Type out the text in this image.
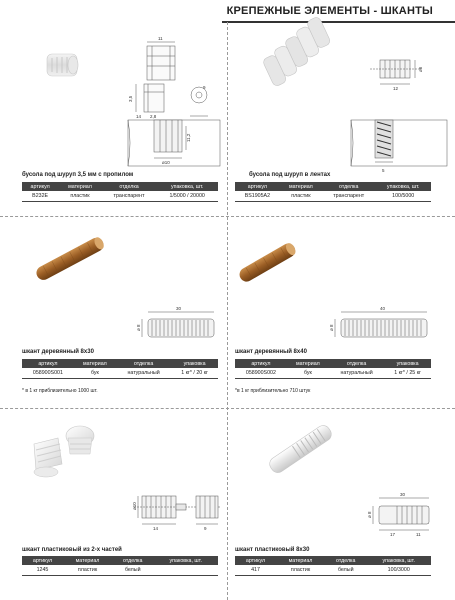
КРЕПЕЖНЫЕ ЭЛЕМЕНТЫ - ШКАНТЫ
11
3,5
9
2,8
14
11,2
ø10
бусола под шуруп 3,5 мм с пропилом
артикул	материал	отделка	упаковка, шт.
B232E	пластик	транспарент	1/5000 / 20000
12
ø6
5
бусола под шуруп в лентах
артикул	материал	отделка	упаковка, шт.
BS1905A2	пластик	транспарент	100/5000
30
ø 8
шкант деревянный 8х30
артикул	материал	отделка	упаковка
058900S001	бук	натуральный	1 кг* / 20 кг
* в 1 кг приблизительно 1000 шт.
40
ø 8
шкант деревянный 8х40
артикул	материал	отделка	упаковка
058900S002	бук	натуральный	1 кг* / 25 кг
*в 1 кг приблизительно 710 штук
14	9
ø10
шкант пластиковый из 2-х частей
артикул	материал	отделка	упаковка, шт.
1245	пластик	белый	
30
ø 8
17	11
шкант пластиковый 8х30
артикул	материал	отделка	упаковка, шт.
417	пластик	белый	100/3000
